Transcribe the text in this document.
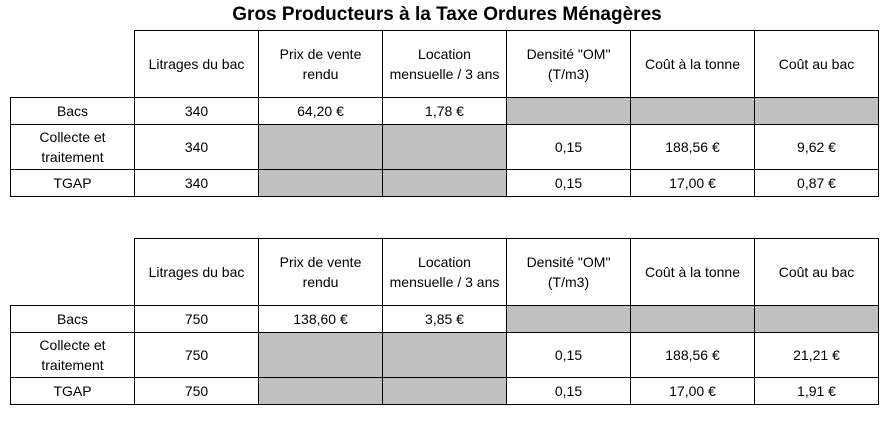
Gros Producteurs à la Taxe Ordures Ménagères
	Litrages du bac	Prix de vente rendu	Location mensuelle / 3 ans	Densité "OM" (T/m3)	Coût à la tonne	Coût au bac
Bacs	340	64,20 €	1,78 €			
Collecte et traitement	340			0,15	188,56 €	9,62 €
TGAP	340			0,15	17,00 €	0,87 €
	Litrages du bac	Prix de vente rendu	Location mensuelle / 3 ans	Densité "OM" (T/m3)	Coût à la tonne	Coût au bac
Bacs	750	138,60 €	3,85 €			
Collecte et traitement	750			0,15	188,56 €	21,21 €
TGAP	750			0,15	17,00 €	1,91 €
